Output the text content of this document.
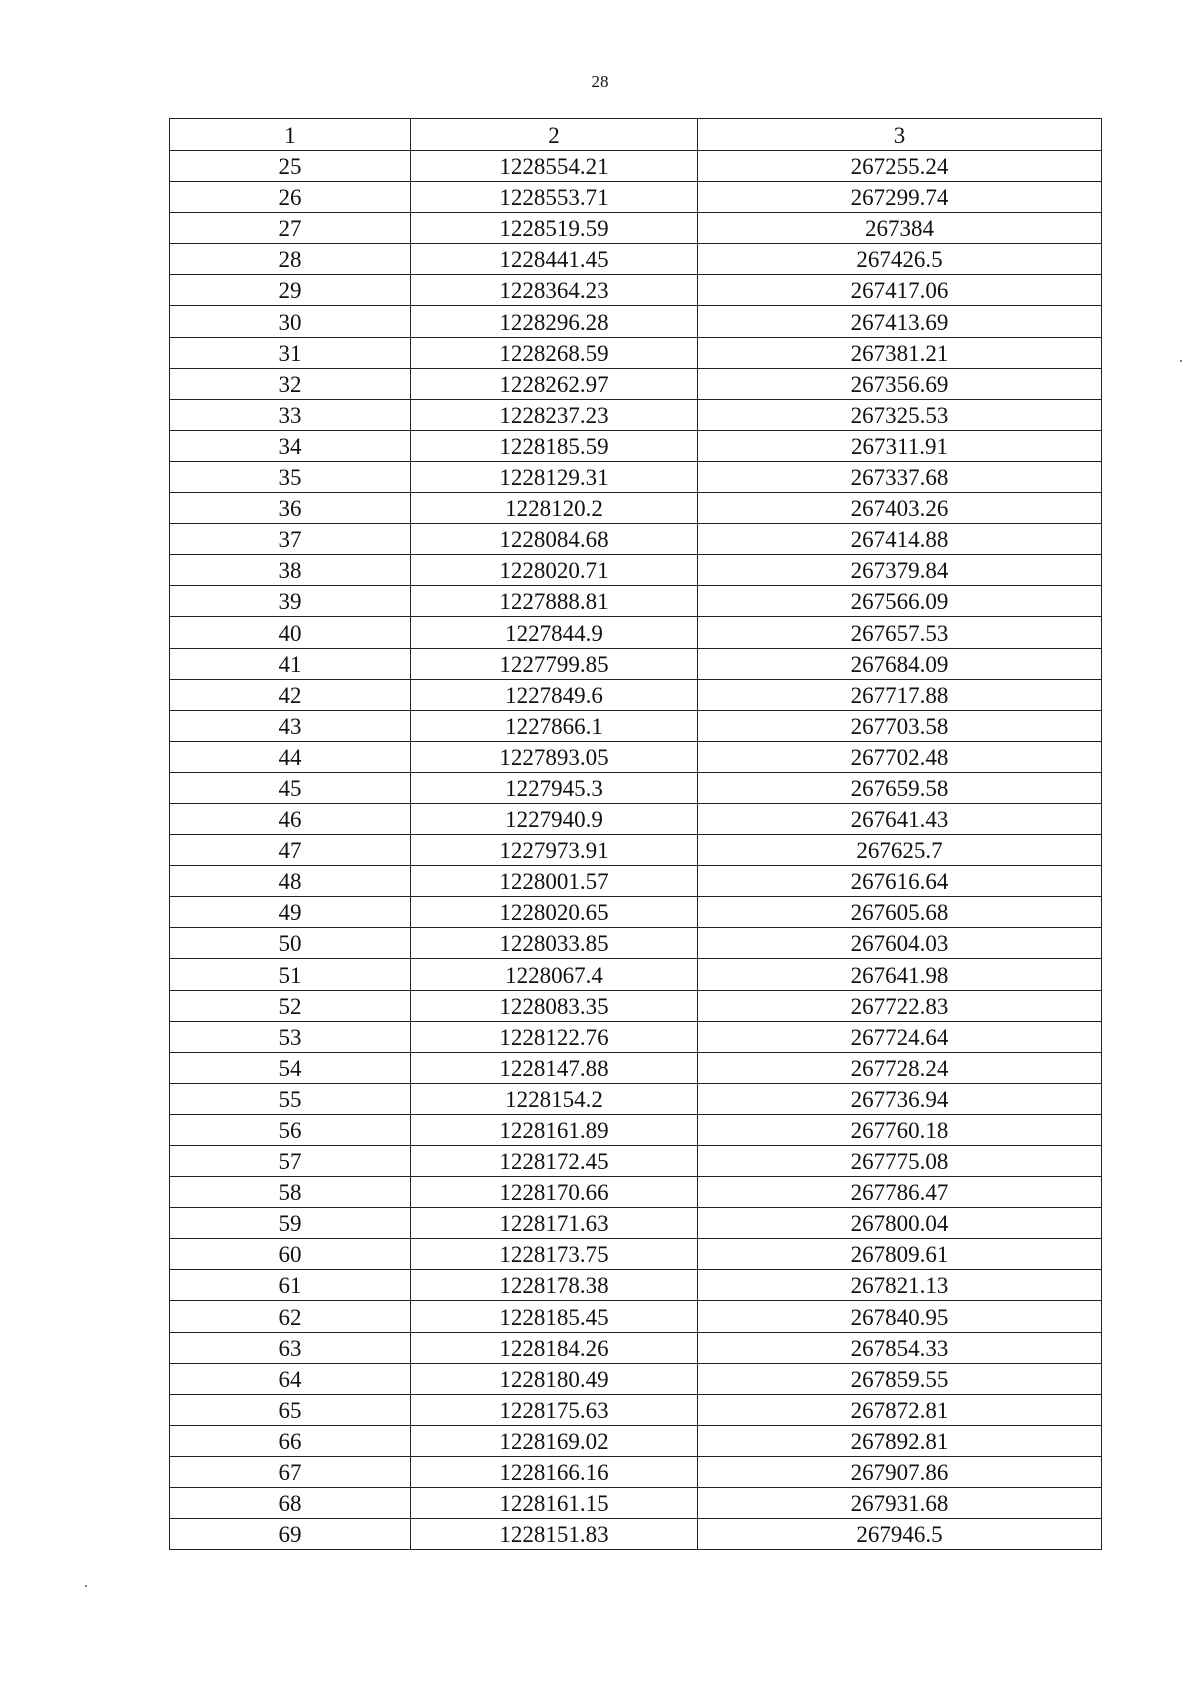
28
1	2	3
25	1228554.21	267255.24
26	1228553.71	267299.74
27	1228519.59	267384
28	1228441.45	267426.5
29	1228364.23	267417.06
30	1228296.28	267413.69
31	1228268.59	267381.21
32	1228262.97	267356.69
33	1228237.23	267325.53
34	1228185.59	267311.91
35	1228129.31	267337.68
36	1228120.2	267403.26
37	1228084.68	267414.88
38	1228020.71	267379.84
39	1227888.81	267566.09
40	1227844.9	267657.53
41	1227799.85	267684.09
42	1227849.6	267717.88
43	1227866.1	267703.58
44	1227893.05	267702.48
45	1227945.3	267659.58
46	1227940.9	267641.43
47	1227973.91	267625.7
48	1228001.57	267616.64
49	1228020.65	267605.68
50	1228033.85	267604.03
51	1228067.4	267641.98
52	1228083.35	267722.83
53	1228122.76	267724.64
54	1228147.88	267728.24
55	1228154.2	267736.94
56	1228161.89	267760.18
57	1228172.45	267775.08
58	1228170.66	267786.47
59	1228171.63	267800.04
60	1228173.75	267809.61
61	1228178.38	267821.13
62	1228185.45	267840.95
63	1228184.26	267854.33
64	1228180.49	267859.55
65	1228175.63	267872.81
66	1228169.02	267892.81
67	1228166.16	267907.86
68	1228161.15	267931.68
69	1228151.83	267946.5
